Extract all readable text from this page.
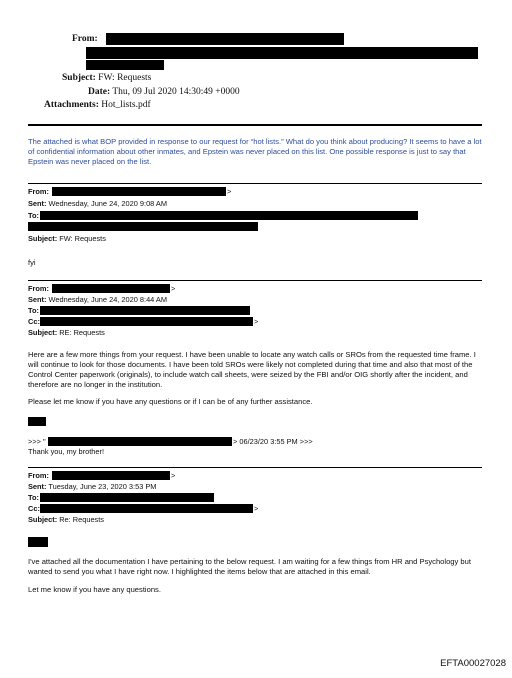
From:
Subject: FW: Requests
Date: Thu, 09 Jul 2020 14:30:49 +0000
Attachments: Hot_lists.pdf
The attached is what BOP provided in response to our request for “hot lists.” What do you think about producing? It seems to have a lot of confidential information about other inmates, and Epstein was never placed on this list. One possible response is just to say that Epstein was never placed on the list.
From:	>
Sent: Wednesday, June 24, 2020 9:08 AM
To:
Subject: FW: Requests
fyi
From:	>
Sent: Wednesday, June 24, 2020 8:44 AM
To:
Cc:	>
Subject: RE: Requests
Here are a few more things from your request. I have been unable to locate any watch calls or SROs from the requested time frame. I will continue to look for those documents. I have been told SROs were likely not completed during that time and also that most of the Control Center paperwork (originals), to include watch call sheets, were seized by the FBI and/or OIG shortly after the incident, and therefore are no longer in the institution.
Please let me know if you have any questions or if I can be of any further assistance.
>>> "	> 06/23/20 3:55 PM >>>
Thank you, my brother!
From:	>
Sent: Tuesday, June 23, 2020 3:53 PM
To:
Cc:	>
Subject: Re: Requests
I've attached all the documentation I have pertaining to the below request. I am waiting for a few things from HR and Psychology but wanted to send you what I have right now. I highlighted the items below that are attached in this email.
Let me know if you have any questions.
EFTA00027028
